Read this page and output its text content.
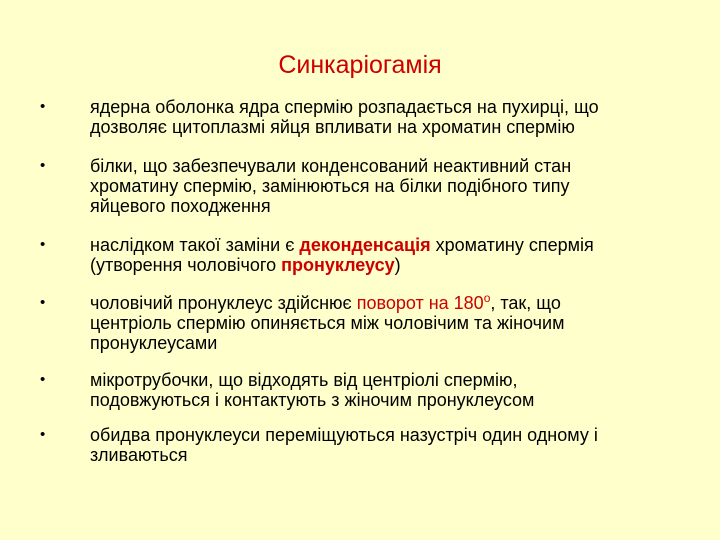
Синкаріогамія
• ядерна оболонка ядра спермію розпадається на пухирці, що
дозволяє цитоплазмі яйця впливати на хроматин спермію
• білки, що забезпечували конденсований неактивний стан
хроматину спермію, замінюються на білки подібного типу
яйцевого походження
• наслідком такої заміни є деконденсація хроматину спермія
(утворення чоловічого пронуклеусу)
• чоловічий пронуклеус здійснює поворот на $180^о$, так, що
центріоль спермію опиняється між чоловічим та жіночим
пронуклеусами
• мікротрубочки, що відходять від центріолі спермію,
подовжуються і контактують з жіночим пронуклеусом
• обидва пронуклеуси переміщуються назустріч один одному і
зливаються
